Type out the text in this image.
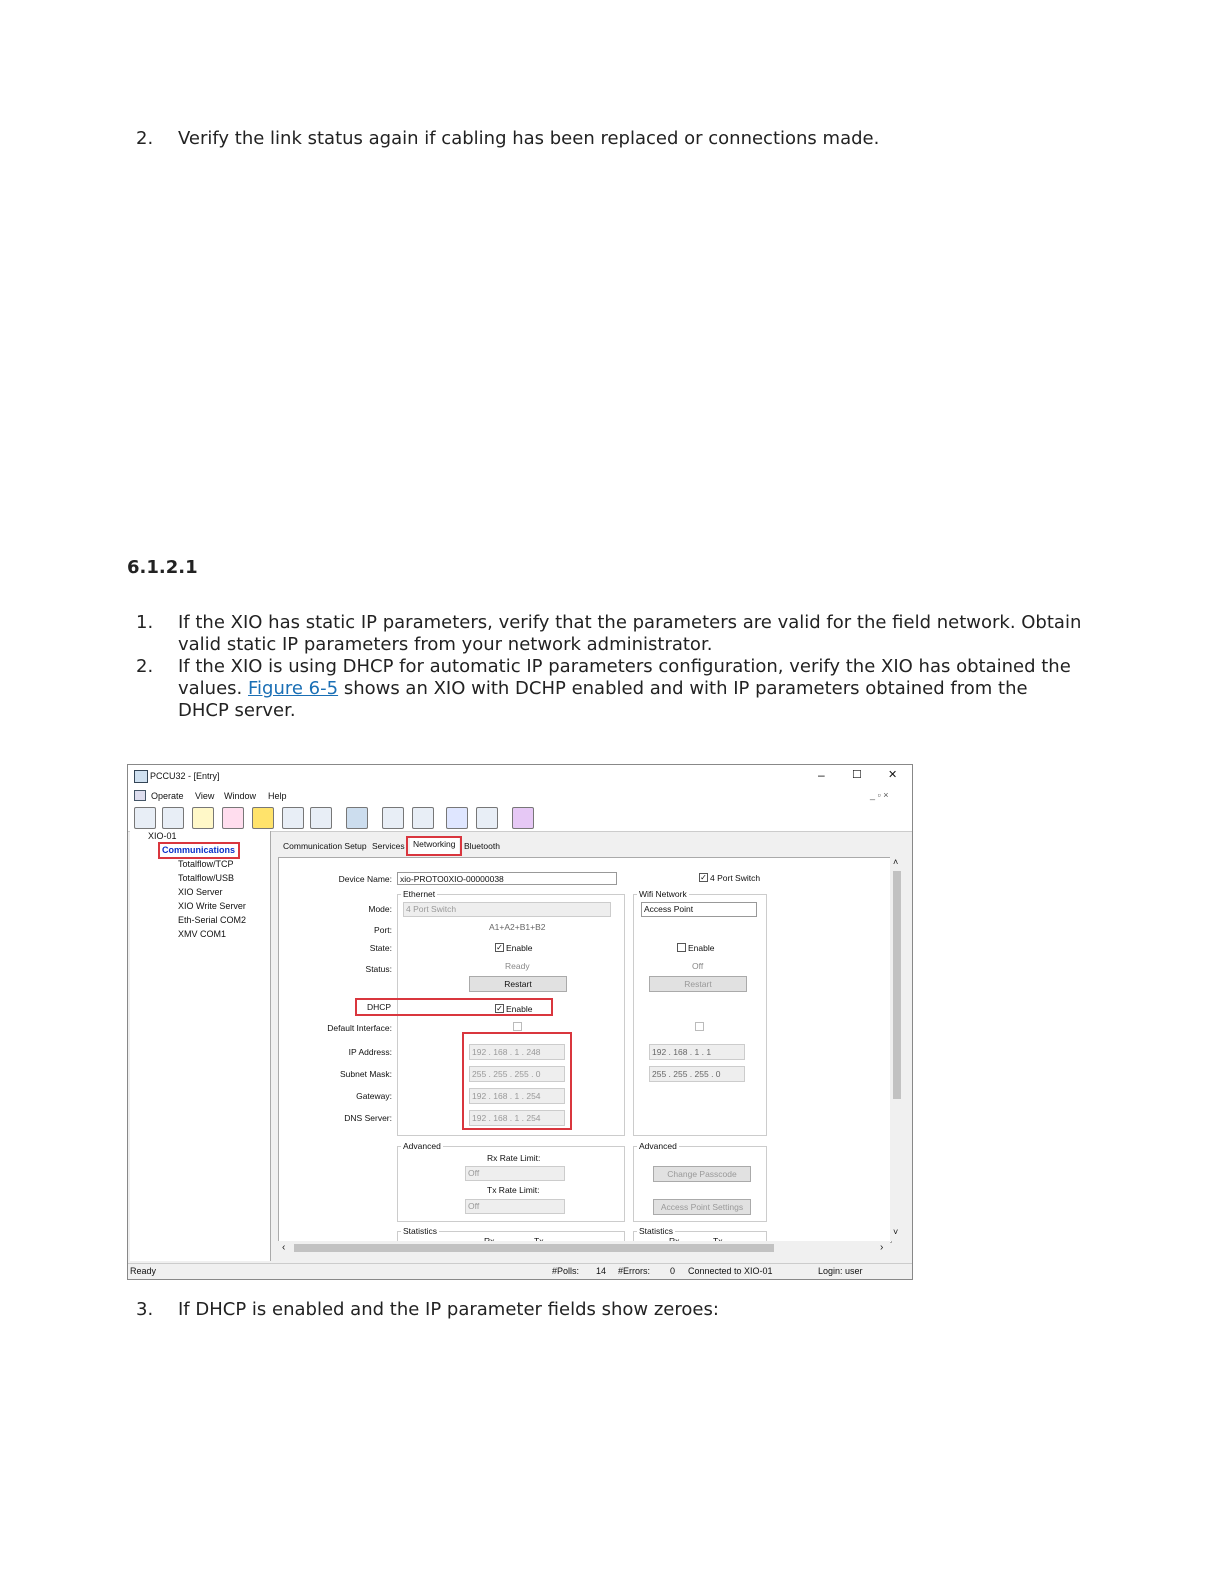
2.	Verify the link status again if cabling has been replaced or connections made.
6.1.2.1
1.	If the XIO has static IP parameters, verify that the parameters are valid for the field network. Obtain
valid static IP parameters from your network administrator.
2.	If the XIO is using DHCP for automatic IP parameters configuration, verify the XIO has obtained the
values. Figure 6-5 shows an XIO with DCHP enabled and with IP parameters obtained from the
DHCP server.
3.	If DHCP is enabled and the IP parameter fields show zeroes:
PCCU32 - [Entry]	– ☐ ✕
Operate View Window Help	_ ▫ ×
XIO-01
Communications
Totalflow/TCP
Totalflow/USB
XIO Server
XIO Write Server
Eth-Serial COM2
XMV COM1
Communication Setup Services Networking Bluetooth
Device Name: xio-PROTO0XIO-00000038	✓ 4 Port Switch
Ethernet	Wifi Network
Mode:	4 Port Switch	Access Point
Port:	A1+A2+B1+B2
State:	✓ Enable	Enable
Status:	Ready	Off
Restart	Restart
DHCP	✓ Enable
Default Interface:
IP Address:	192 . 168 . 1 . 248	192 . 168 . 1 . 1
Subnet Mask:	255 . 255 . 255 . 0	255 . 255 . 255 . 0
Gateway:	192 . 168 . 1 . 254
DNS Server:	192 . 168 . 1 . 254
Advanced	Advanced
Rx Rate Limit:
Off
Tx Rate Limit:
Off
Change Passcode
Access Point Settings
Statistics	Statistics
˄
˅
‹	›
Ready	#Polls: 14 #Errors: 0 Connected to XIO-01	Login: user
